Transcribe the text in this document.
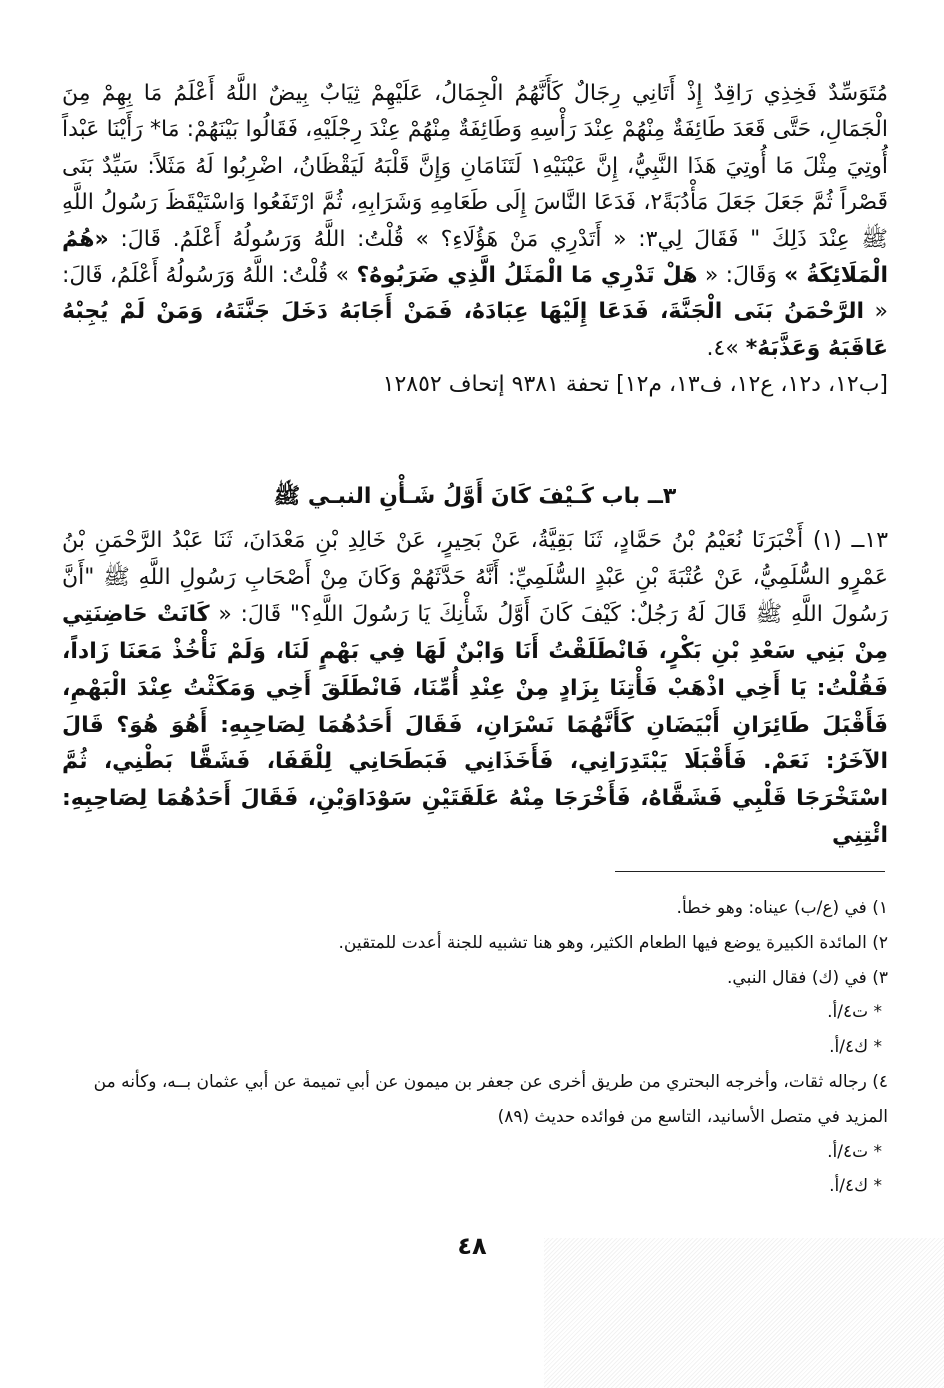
مُتَوَسِّدٌ فَخِذِي رَاقِدٌ إِذْ أَتَانِي رِجَالٌ كَأَنَّهُمُ الْجِمَالُ، عَلَيْهِمْ ثِيَابٌ بِيضٌ اللَّهُ أَعْلَمُ مَا بِهِمْ مِنَ الْجَمَالِ، حَتَّى قَعَدَ طَائِفَةٌ مِنْهُمْ عِنْدَ رَأْسِهِ وَطَائِفَةٌ مِنْهُمْ عِنْدَ رِجْلَيْهِ، فَقَالُوا بَيْنَهُمْ: مَا* رَأَيْنَا عَبْداً أُوتِيَ مِثْلَ مَا أُوتِيَ هَذَا النَّبِيُّ، إِنَّ عَيْنَيْهِ١ لَتَنَامَانِ وَإِنَّ قَلْبَهُ لَيَقْظَانُ، اضْرِبُوا لَهُ مَثَلاً: سَيِّدٌ بَنَى قَصْراً ثُمَّ جَعَلَ جَعَلَ مَأْدُبَةً٢، فَدَعَا النَّاسَ إِلَى طَعَامِهِ وَشَرَابِهِ، ثُمَّ ارْتَفَعُوا وَاسْتَيْقَظَ رَسُولُ اللَّهِ ﷺ عِنْدَ ذَلِكَ " فَقَالَ لِي٣: « أَتَدْرِي مَنْ هَؤُلَاءِ؟ » قُلْتُ: اللَّهُ وَرَسُولُهُ أَعْلَمُ. قَالَ: «هُمُ الْمَلَائِكَةُ » وَقَالَ: « هَلْ تَدْرِي مَا الْمَثَلُ الَّذِي ضَرَبُوهُ؟ » قُلْتُ: اللَّهُ وَرَسُولُهُ أَعْلَمُ، قَالَ: « الرَّحْمَنُ بَنَى الْجَنَّةَ، فَدَعَا إِلَيْهَا عِبَادَهُ، فَمَنْ أَجَابَهُ دَخَلَ جَنَّتَهُ، وَمَنْ لَمْ يُجِبْهُ عَاقَبَهُ وَعَذَّبَهُ* »٤.

[ب١٢، د١٢، ع١٢، ف١٣، م١٢] تحفة ٩٣٨١ إتحاف ١٢٨٥٢

٣ــ باب كَـيْفَ كَانَ أَوَّلُ شَـأْنِ النبـي ﷺ

١٣ــ (١) أَخْبَرَنَا نُعَيْمُ بْنُ حَمَّادٍ، ثَنَا بَقِيَّةُ، عَنْ بَحِيرٍ، عَنْ خَالِدِ بْنِ مَعْدَانَ، ثَنَا عَبْدُ الرَّحْمَنِ بْنُ عَمْرٍو السُّلَمِيُّ، عَنْ عُتْبَةَ بْنِ عَبْدٍ السُّلَمِيِّ: أَنَّهُ حَدَّثَهُمْ وَكَانَ مِنْ أَصْحَابِ رَسُولِ اللَّهِ ﷺ "أَنَّ رَسُولَ اللَّهِ ﷺ قَالَ لَهُ رَجُلٌ: كَيْفَ كَانَ أَوَّلُ شَأْنِكَ يَا رَسُولَ اللَّهِ؟" قَالَ: « كَانَتْ حَاضِنَتِي مِنْ بَنِي سَعْدِ بْنِ بَكْرٍ، فَانْطَلَقْتُ أَنَا وَابْنٌ لَهَا فِي بَهْمٍ لَنَا، وَلَمْ نَأْخُذْ مَعَنَا زَاداً، فَقُلْتُ: يَا أَخِي اذْهَبْ فَأْتِنَا بِزَادٍ مِنْ عِنْدِ أُمِّنَا، فَانْطَلَقَ أَخِي وَمَكَثْتُ عِنْدَ الْبَهْمِ، فَأَقْبَلَ طَائِرَانِ أَبْيَضَانِ كَأَنَّهُمَا نَسْرَانِ، فَقَالَ أَحَدُهُمَا لِصَاحِبِهِ: أَهُوَ هُوَ؟ قَالَ الآخَرُ: نَعَمْ. فَأَقْبَلَا يَبْتَدِرَانِي، فَأَخَذَانِي فَبَطَحَانِي لِلْقَفَا، فَشَقَّا بَطْنِي، ثُمَّ اسْتَخْرَجَا قَلْبِي فَشَقَّاهُ، فَأَخْرَجَا مِنْهُ عَلَقَتَيْنِ سَوْدَاوَيْنِ، فَقَالَ أَحَدُهُمَا لِصَاحِبِهِ: ائْتِنِي

١) في (ع/ب) عيناه: وهو خطأ.

٢) المائدة الكبيرة يوضع فيها الطعام الكثير، وهو هنا تشبيه للجنة أعدت للمتقين.

٣) في (ك) فقال النبي.

* ت٤/أ.

* ك٤/أ.

٤) رجاله ثقات، وأخرجه البحتري من طريق أخرى عن جعفر بن ميمون عن أبي تميمة عن أبي عثمان بــه، وكأنه من المزيد في متصل الأسانيد، التاسع من فوائده حديث (٨٩)

* ت٤/أ.

* ك٤/أ.

٤٨
